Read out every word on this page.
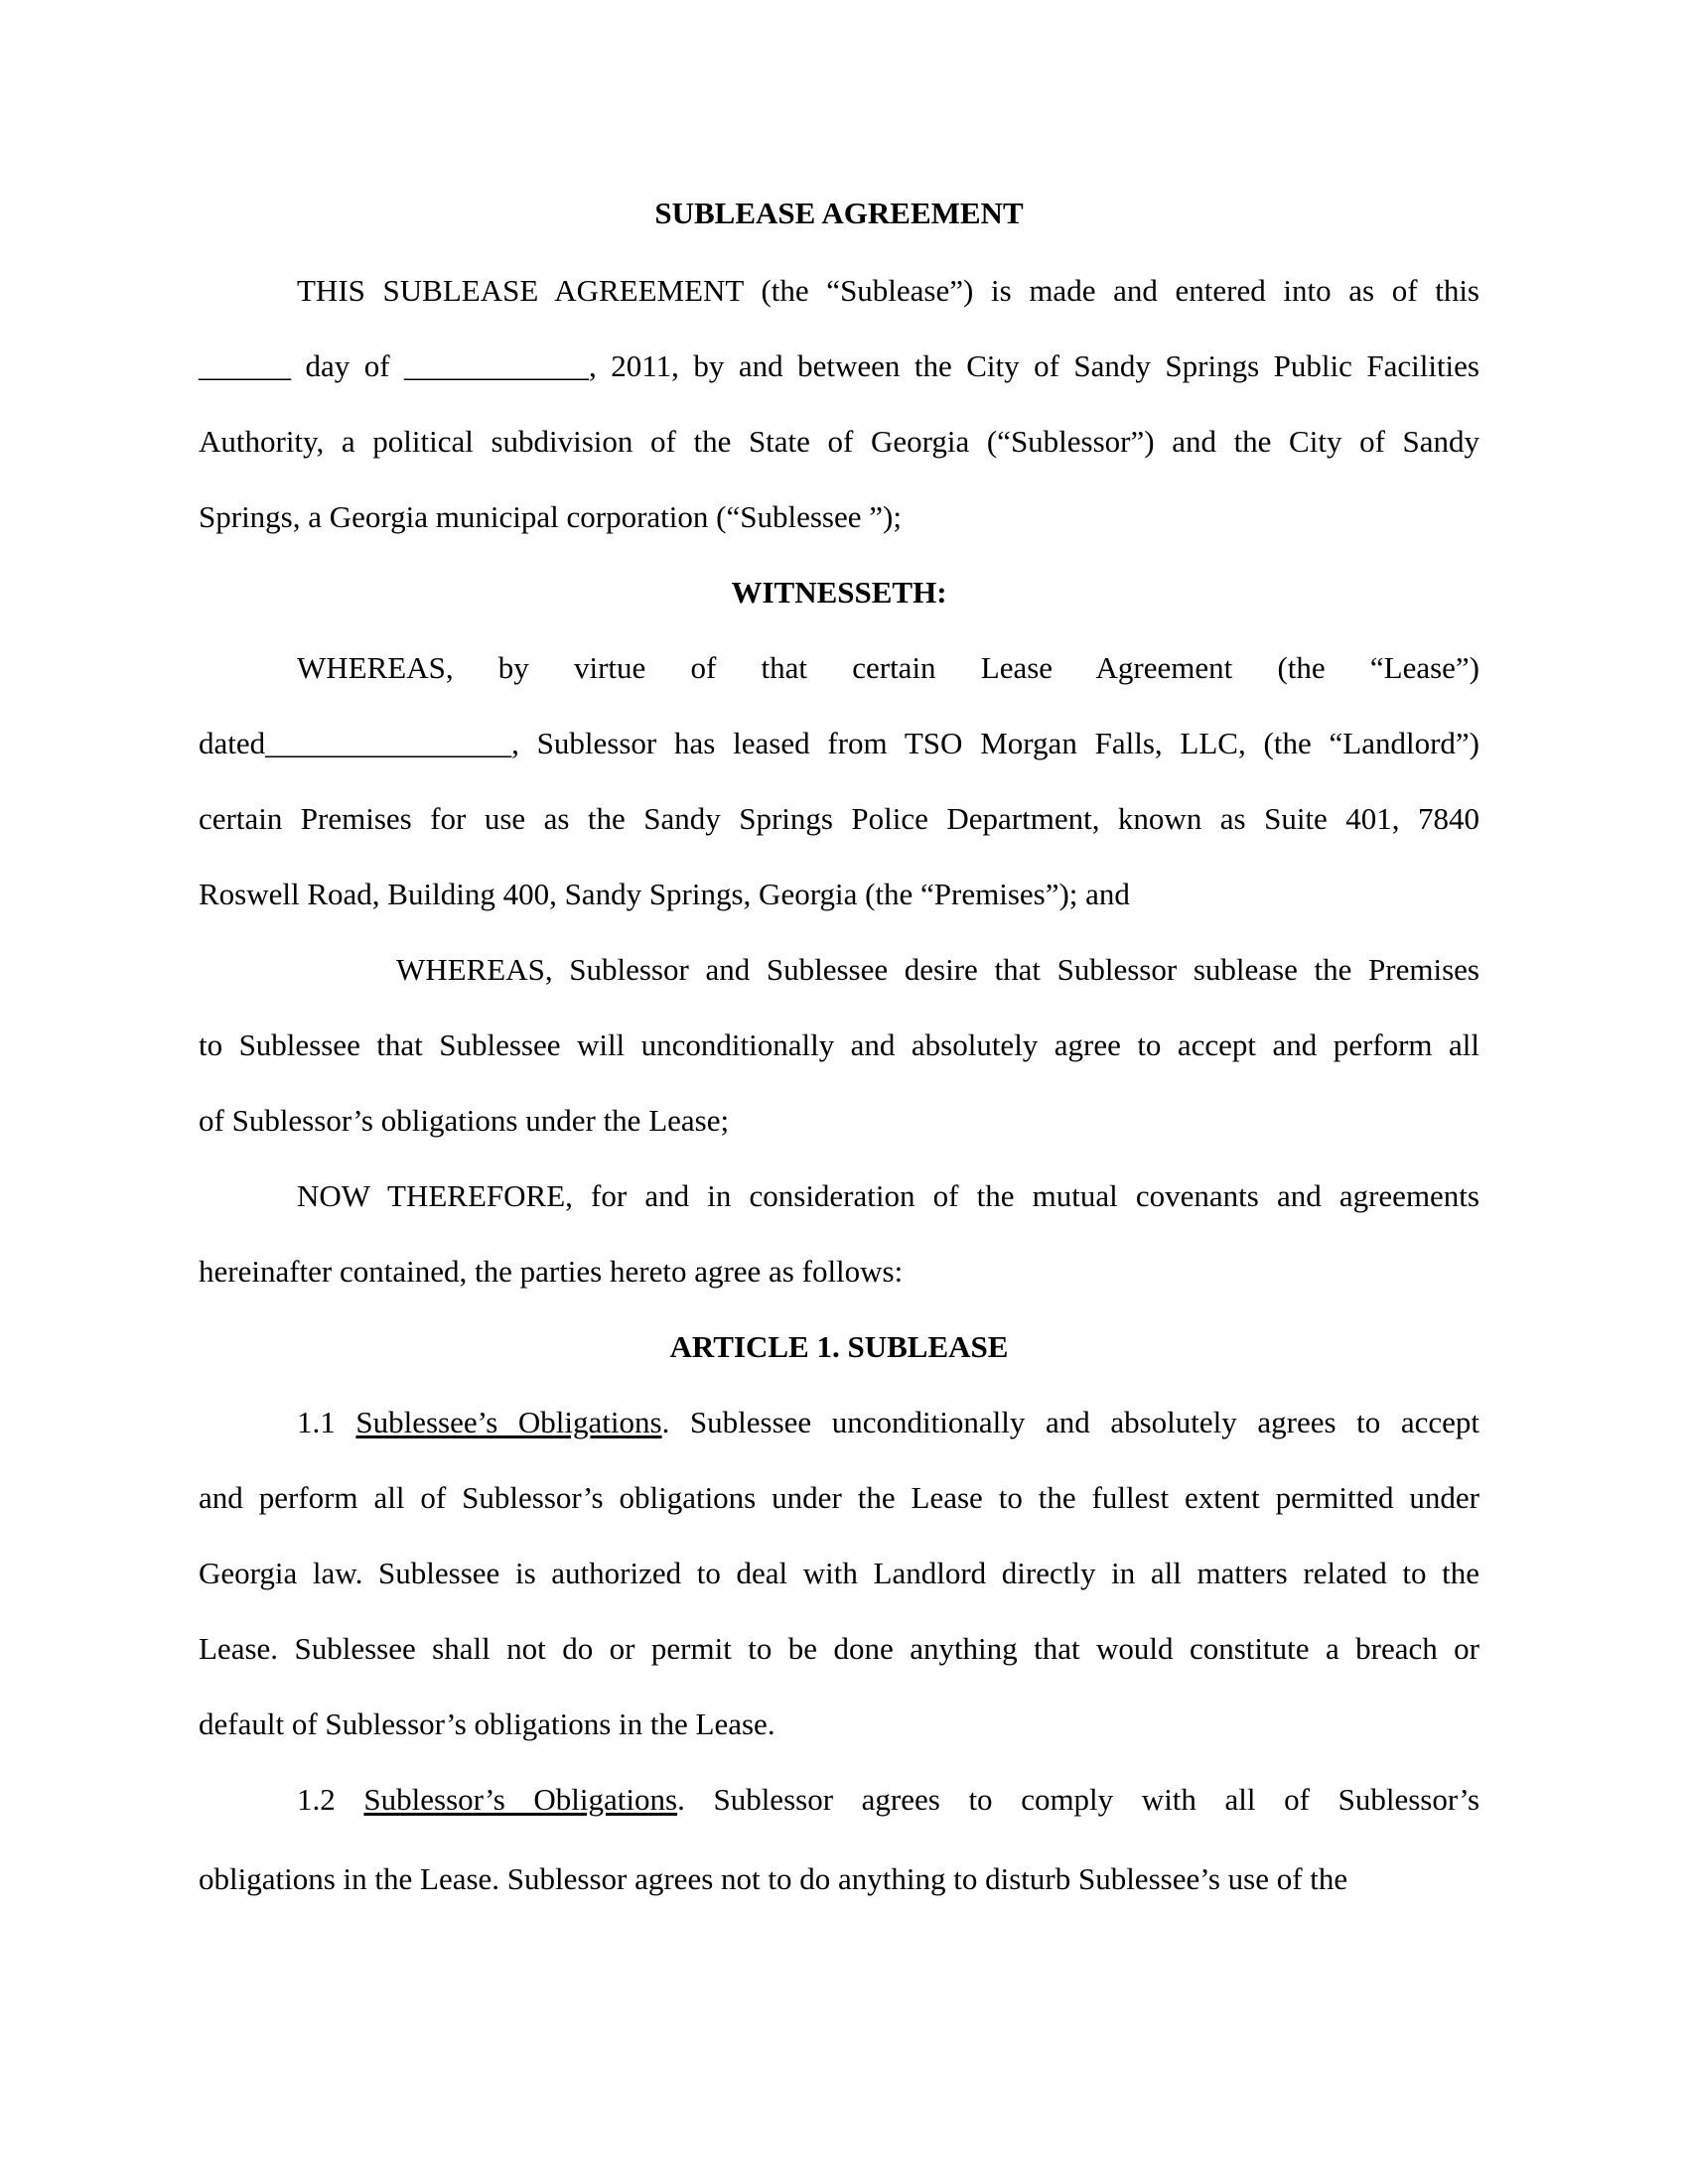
SUBLEASE AGREEMENT
THIS SUBLEASE AGREEMENT (the “Sublease”) is made and entered into as of this
______ day of ____________, 2011, by and between the City of Sandy Springs Public Facilities
Authority, a political subdivision of the State of Georgia (“Sublessor”) and the City of Sandy
Springs, a Georgia municipal corporation (“Sublessee ”);
WITNESSETH:
WHEREAS, by virtue of that certain Lease Agreement (the “Lease”)
dated________________, Sublessor has leased from TSO Morgan Falls, LLC, (the “Landlord”)
certain Premises for use as the Sandy Springs Police Department, known as Suite 401, 7840
Roswell Road, Building 400, Sandy Springs, Georgia (the “Premises”); and
WHEREAS, Sublessor and Sublessee desire that Sublessor sublease the Premises
to Sublessee that Sublessee will unconditionally and absolutely agree to accept and perform all
of Sublessor’s obligations under the Lease;
NOW THEREFORE, for and in consideration of the mutual covenants and agreements
hereinafter contained, the parties hereto agree as follows:
ARTICLE 1. SUBLEASE
1.1 Sublessee’s Obligations. Sublessee unconditionally and absolutely agrees to accept
and perform all of Sublessor’s obligations under the Lease to the fullest extent permitted under
Georgia law. Sublessee is authorized to deal with Landlord directly in all matters related to the
Lease. Sublessee shall not do or permit to be done anything that would constitute a breach or
default of Sublessor’s obligations in the Lease.
1.2 Sublessor’s Obligations. Sublessor agrees to comply with all of Sublessor’s
obligations in the Lease. Sublessor agrees not to do anything to disturb Sublessee’s use of the
